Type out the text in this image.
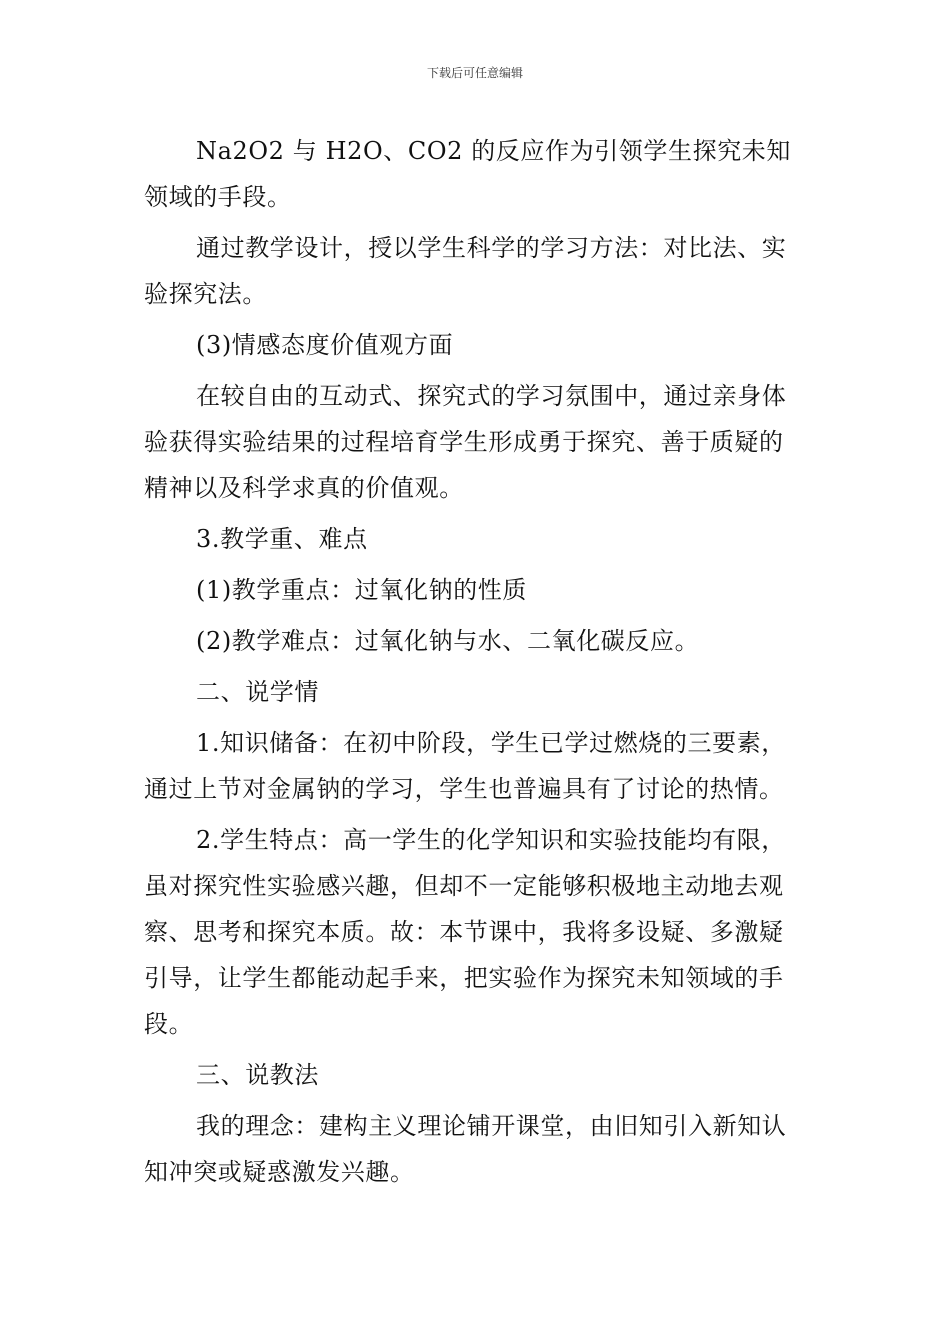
下载后可任意编辑

Na2O2 与 H2O、CO2 的反应作为引领学生探究未知领域的手段。

通过教学设计，授以学生科学的学习方法：对比法、实验探究法。

(3)情感态度价值观方面

在较自由的互动式、探究式的学习氛围中，通过亲身体验获得实验结果的过程培育学生形成勇于探究、善于质疑的精神以及科学求真的价值观。

3.教学重、难点

(1)教学重点：过氧化钠的性质

(2)教学难点：过氧化钠与水、二氧化碳反应。

二、说学情

1.知识储备：在初中阶段，学生已学过燃烧的三要素，通过上节对金属钠的学习，学生也普遍具有了讨论的热情。

2.学生特点：高一学生的化学知识和实验技能均有限，虽对探究性实验感兴趣，但却不一定能够积极地主动地去观察、思考和探究本质。故：本节课中，我将多设疑、多激疑引导，让学生都能动起手来，把实验作为探究未知领域的手段。

三、说教法

我的理念：建构主义理论铺开课堂，由旧知引入新知认知冲突或疑惑激发兴趣。
